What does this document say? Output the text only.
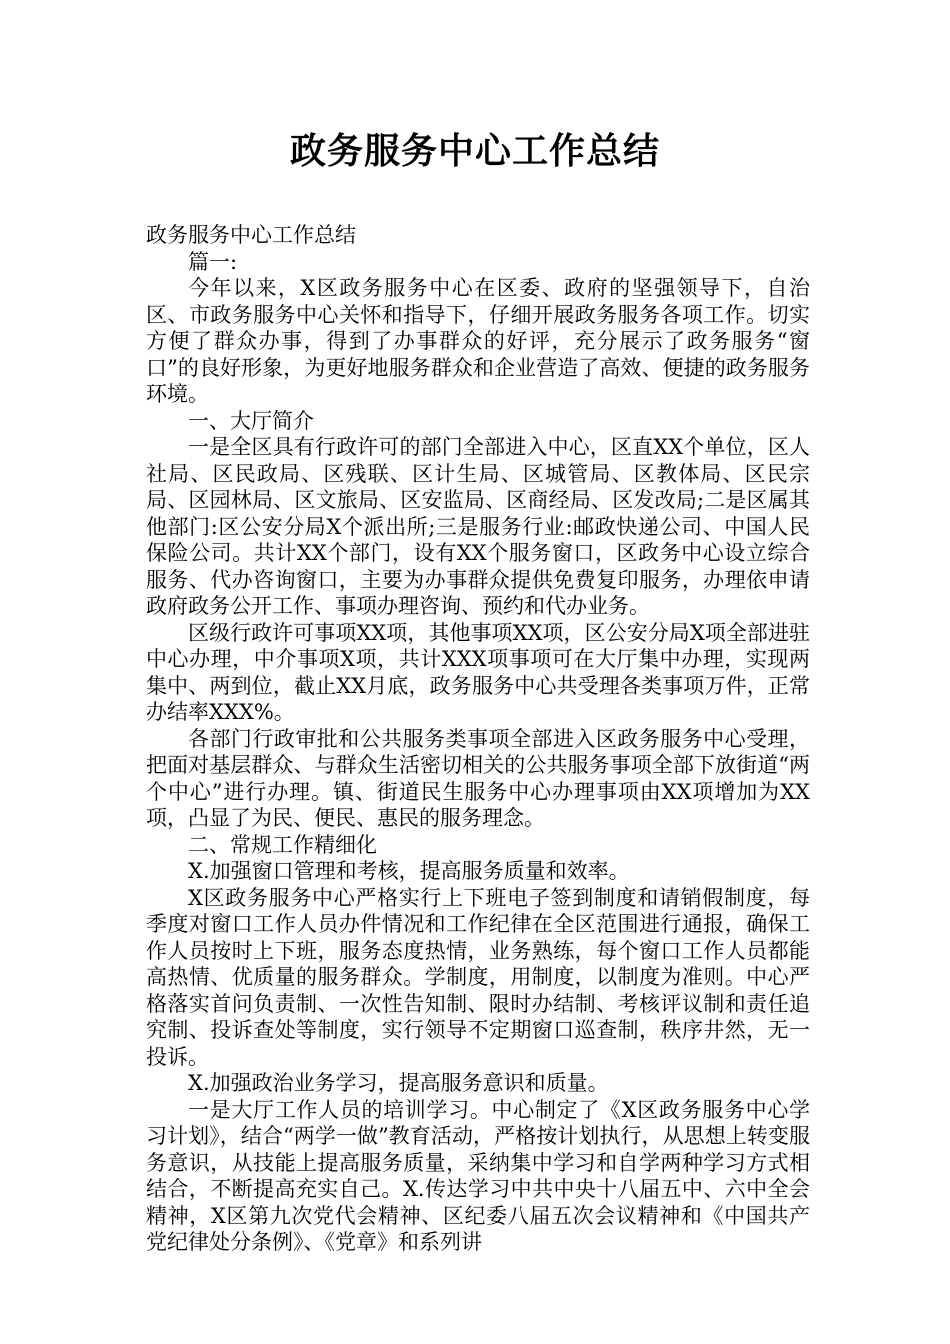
政务服务中心工作总结

政务服务中心工作总结

篇一:

今年以来，X区政务服务中心在区委、政府的坚强领导下，自治区、市政务服务中心关怀和指导下，仔细开展政务服务各项工作。切实方便了群众办事，得到了办事群众的好评，充分展示了政务服务“窗口”的良好形象，为更好地服务群众和企业营造了高效、便捷的政务服务环境。

一、大厅简介

一是全区具有行政许可的部门全部进入中心，区直XX个单位，区人社局、区民政局、区残联、区计生局、区城管局、区教体局、区民宗局、区园林局、区文旅局、区安监局、区商经局、区发改局;二是区属其他部门:区公安分局X个派出所;三是服务行业:邮政快递公司、中国人民保险公司。共计XX个部门，设有XX个服务窗口，区政务中心设立综合服务、代办咨询窗口，主要为办事群众提供免费复印服务，办理依申请政府政务公开工作、事项办理咨询、预约和代办业务。

区级行政许可事项XX项，其他事项XX项，区公安分局X项全部进驻中心办理，中介事项X项，共计XXX项事项可在大厅集中办理，实现两集中、两到位，截止XX月底，政务服务中心共受理各类事项万件，正常办结率XXX%。

各部门行政审批和公共服务类事项全部进入区政务服务中心受理，把面对基层群众、与群众生活密切相关的公共服务事项全部下放街道“两个中心”进行办理。镇、街道民生服务中心办理事项由XX项增加为XX项，凸显了为民、便民、惠民的服务理念。

二、常规工作精细化

X.加强窗口管理和考核，提高服务质量和效率。

X区政务服务中心严格实行上下班电子签到制度和请销假制度，每季度对窗口工作人员办件情况和工作纪律在全区范围进行通报，确保工作人员按时上下班，服务态度热情，业务熟练，每个窗口工作人员都能高热情、优质量的服务群众。学制度，用制度，以制度为准则。中心严格落实首问负责制、一次性告知制、限时办结制、考核评议制和责任追究制、投诉查处等制度，实行领导不定期窗口巡查制，秩序井然，无一投诉。

X.加强政治业务学习，提高服务意识和质量。

一是大厅工作人员的培训学习。中心制定了《X区政务服务中心学习计划》，结合“两学一做”教育活动，严格按计划执行，从思想上转变服务意识，从技能上提高服务质量，采纳集中学习和自学两种学习方式相结合，不断提高充实自己。X.传达学习中共中央十八届五中、六中全会精神，X区第九次党代会精神、区纪委八届五次会议精神和《中国共产党纪律处分条例》、《党章》和系列讲
